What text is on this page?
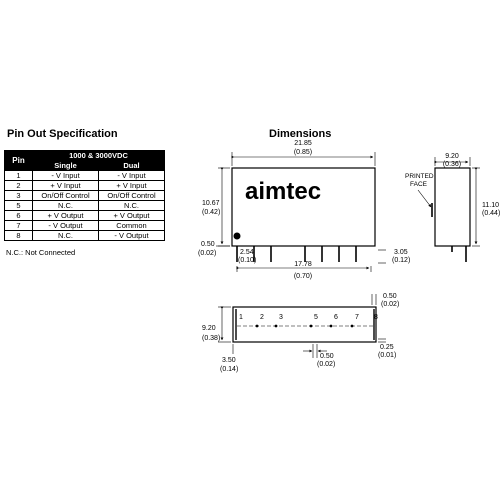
Pin Out Specification	Dimensions
Pin	1000 & 3000VDC	
	Single	Dual
1	- V Input	- V Input
2	+ V Input	+ V Input
3	On/Off Control	On/Off Control
5	N.C.	N.C.
6	+ V Output	+ V Output
7	- V Output	Common
8	N.C.	- V Output
N.C.: Not Connected
aimtec
21.85
(0.85)
10.67
(0.42)
0.50
(0.02)	2.54
(0.10)
17.78
(0.70)
3.05
(0.12)
9.20
(0.36)
11.10
(0.44)
PRINTED
FACE
1 2 3	5 6 7 8
9.20
(0.38)
3.50
(0.14)
0.50
(0.02)
0.50
(0.02)
0.25
(0.01)
